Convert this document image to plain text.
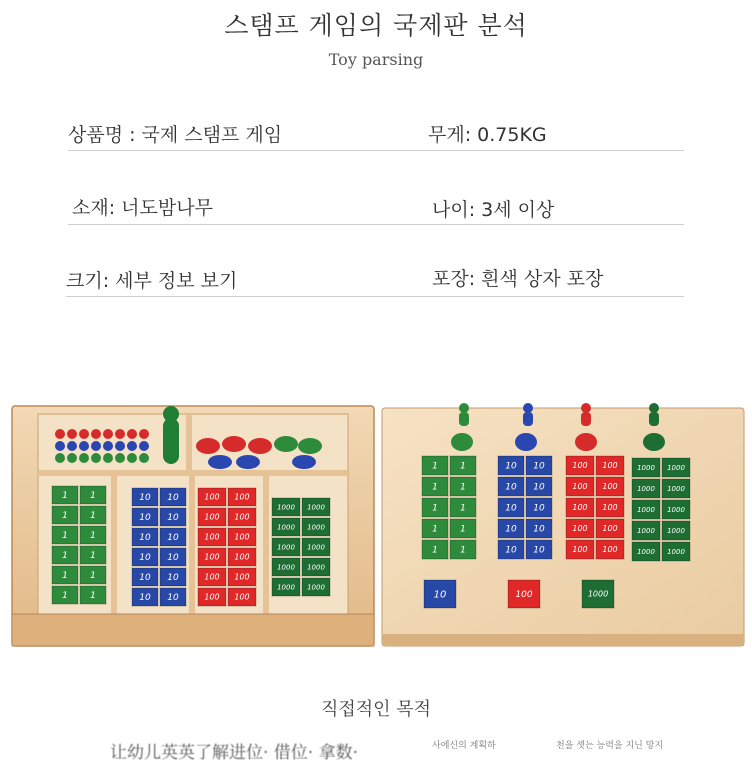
스탬프 게임의 국제판 분석
Toy parsing
상품명 : 국제 스탬프 게임	무게: 0.75KG
소재: 너도밤나무	나이: 3세 이상
크기: 세부 정보 보기	포장: 흰색 상자 포장
1 1
1 1
1 1
1 1
1 1
1 1
10 10
10 10
10 10
10 10
10 10
10 10
100 100
100 100
100 100
100 100
100 100
100 100
1000 1000
1000 1000
1000 1000
1000 1000
1000 1000
1 1
1 1
1 1
1 1
1 1
10 10
10 10
10 10
10 10
10 10
100 100
100 100
100 100
100 100
100 100
1000 1000
1000 1000
1000 1000
1000 1000
1000 1000
10	100	1000
직접적인 목적
让幼儿英英了解进位· 借位· 拿数·	사에신의 계획하	천을 셋는 능력을 지닌 망지
